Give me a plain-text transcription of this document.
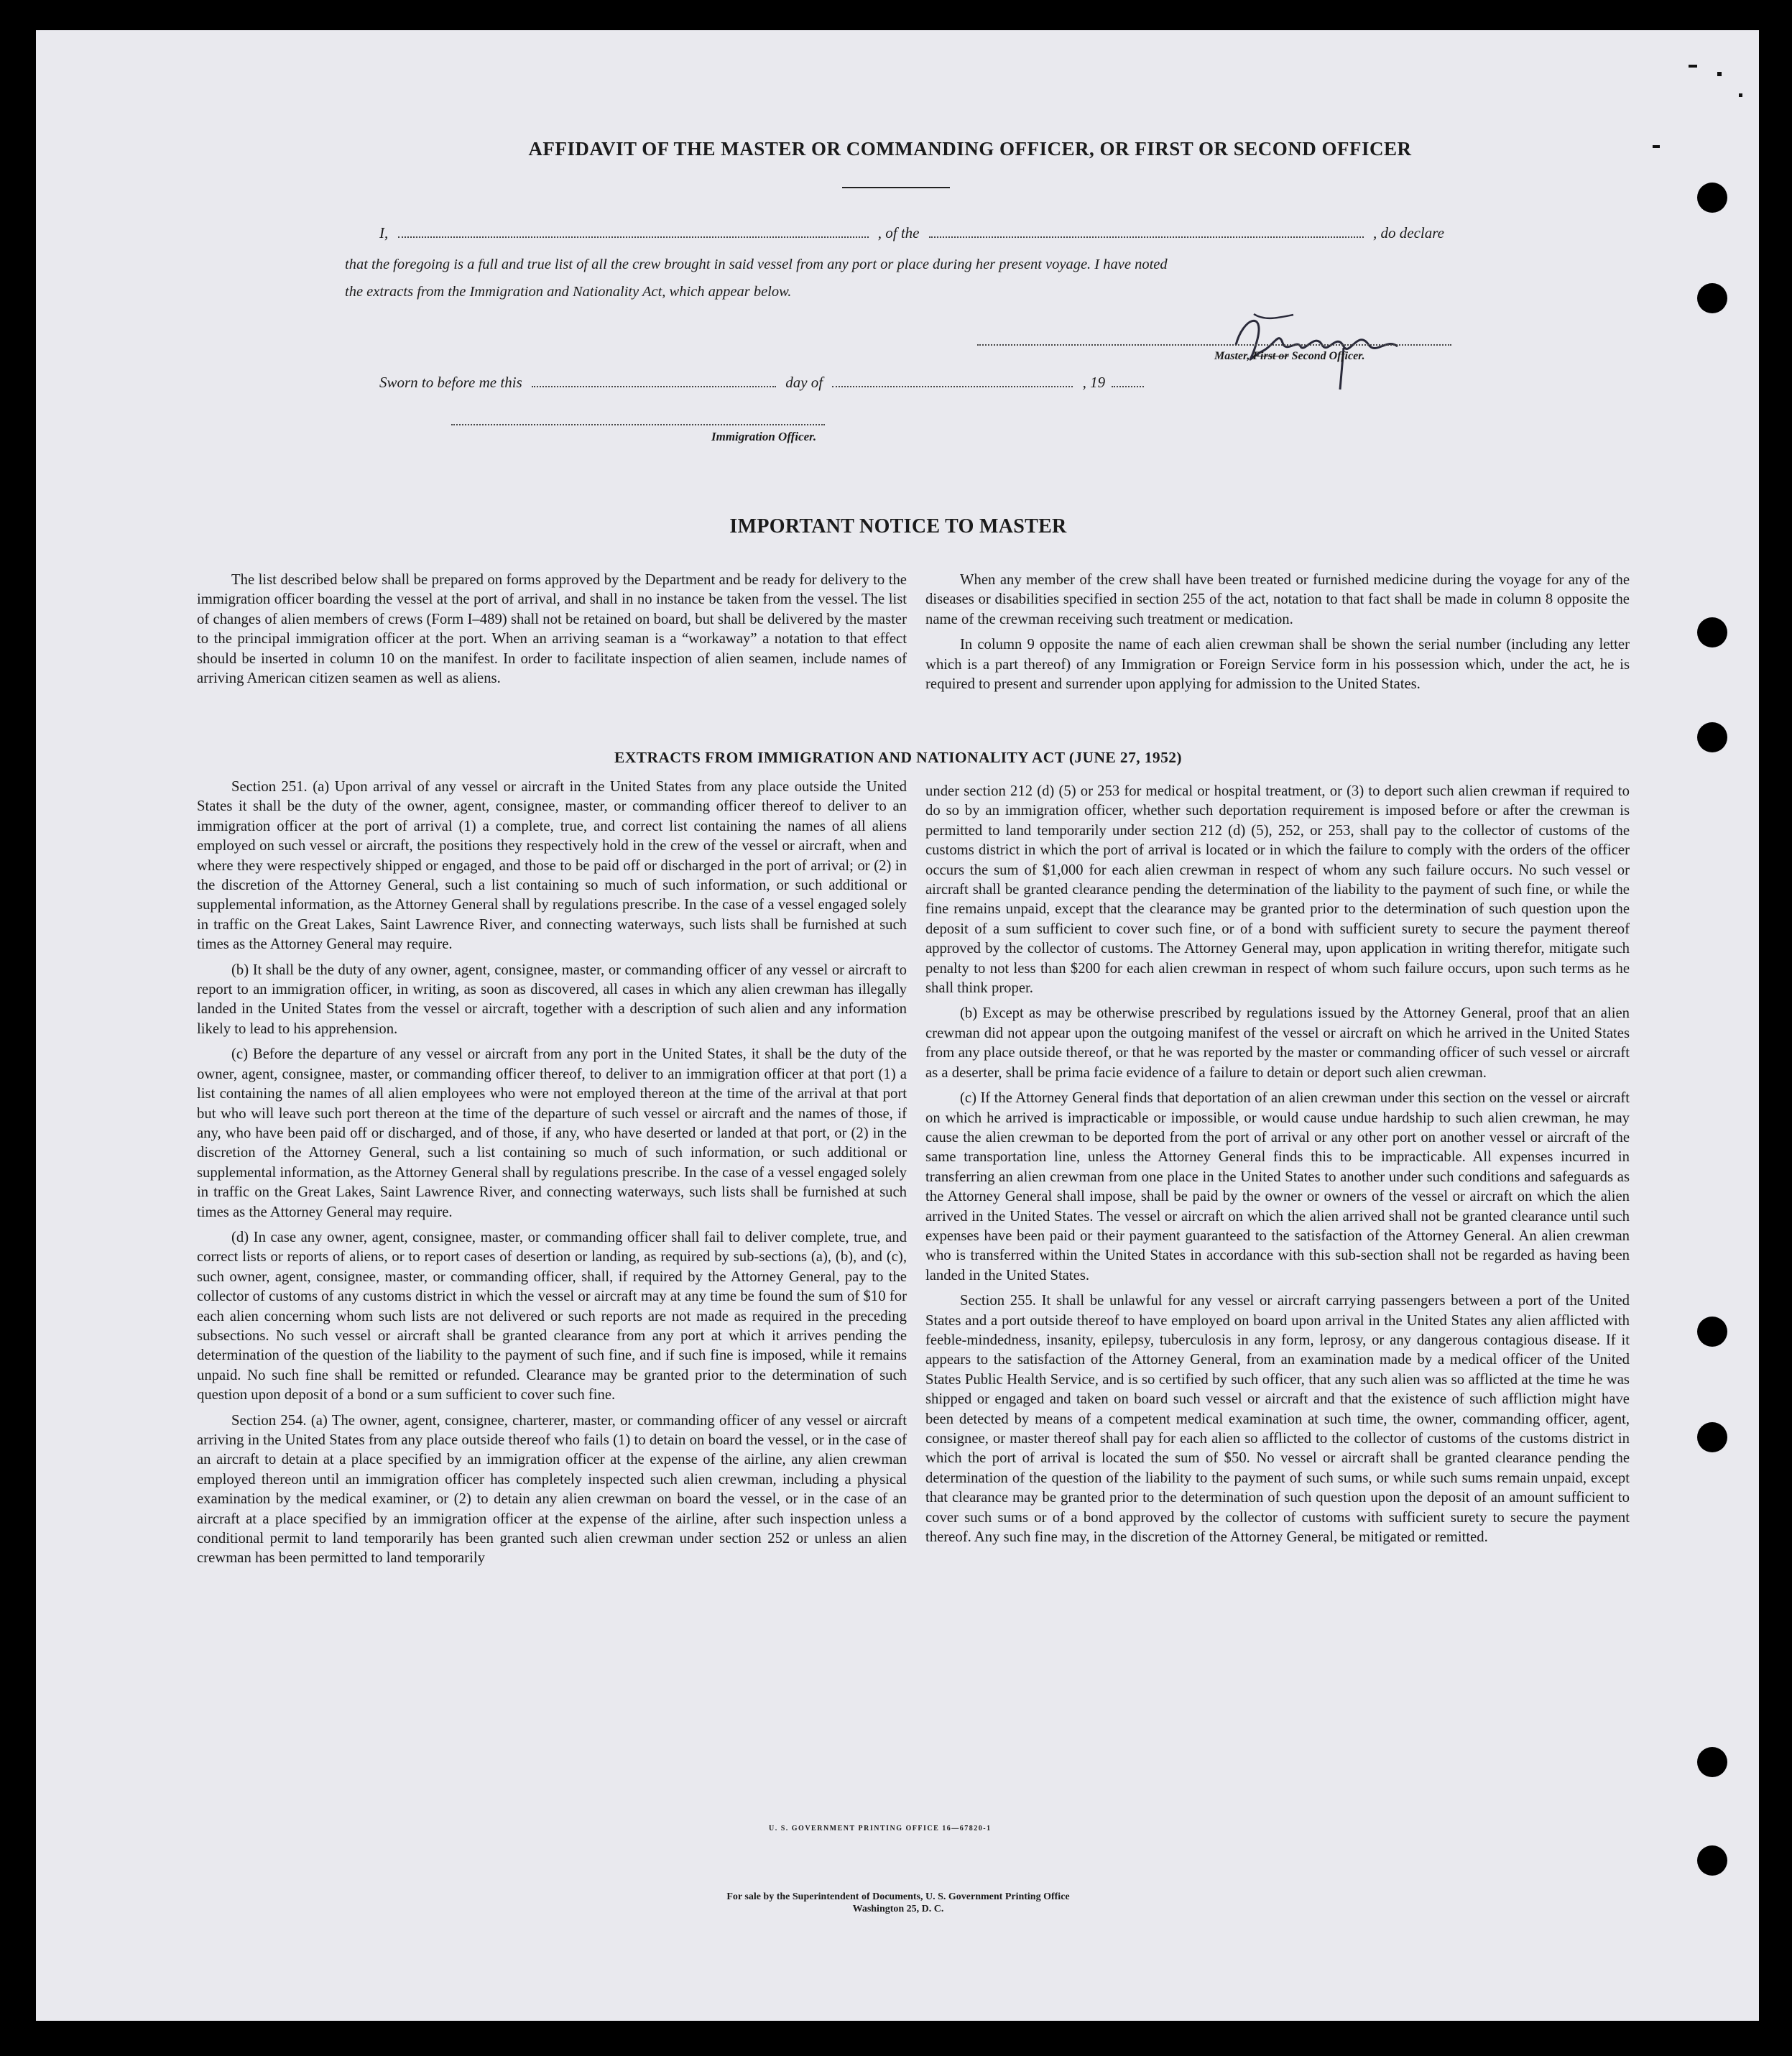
AFFIDAVIT OF THE MASTER OR COMMANDING OFFICER, OR FIRST OR SECOND OFFICER
I,	, of the	, do declare
that the foregoing is a full and true list of all the crew brought in said vessel from any port or place during her present voyage. I have noted
the extracts from the Immigration and Nationality Act, which appear below.
Master, First or Second Officer.
Sworn to before me this	day of	, 19
Immigration Officer.
IMPORTANT NOTICE TO MASTER

The list described below shall be prepared on forms approved by the Department and be ready for delivery to the immigration officer boarding the vessel at the port of arrival, and shall in no instance be taken from the vessel. The list of changes of alien members of crews (Form I–489) shall not be retained on board, but shall be delivered by the master to the principal immigration officer at the port. When an arriving seaman is a “workaway” a notation to that effect should be inserted in column 10 on the manifest. In order to facilitate inspection of alien seamen, include names of arriving American citizen seamen as well as aliens.

When any member of the crew shall have been treated or furnished medicine during the voyage for any of the diseases or disabilities specified in section 255 of the act, notation to that fact shall be made in column 8 opposite the name of the crewman receiving such treatment or medication.

In column 9 opposite the name of each alien crewman shall be shown the serial number (including any letter which is a part thereof) of any Immigration or Foreign Service form in his possession which, under the act, he is required to present and surrender upon applying for admission to the United States.

EXTRACTS FROM IMMIGRATION AND NATIONALITY ACT (JUNE 27, 1952)

Section 251. (a) Upon arrival of any vessel or aircraft in the United States from any place outside the United States it shall be the duty of the owner, agent, consignee, master, or commanding officer thereof to deliver to an immigration officer at the port of arrival (1) a complete, true, and correct list containing the names of all aliens employed on such vessel or aircraft, the positions they respectively hold in the crew of the vessel or aircraft, when and where they were respectively shipped or engaged, and those to be paid off or discharged in the port of arrival; or (2) in the discretion of the Attorney General, such a list containing so much of such information, or such additional or supplemental information, as the Attorney General shall by regulations prescribe. In the case of a vessel engaged solely in traffic on the Great Lakes, Saint Lawrence River, and connecting waterways, such lists shall be furnished at such times as the Attorney General may require.

(b) It shall be the duty of any owner, agent, consignee, master, or commanding officer of any vessel or aircraft to report to an immigration officer, in writing, as soon as discovered, all cases in which any alien crewman has illegally landed in the United States from the vessel or aircraft, together with a description of such alien and any information likely to lead to his apprehension.

(c) Before the departure of any vessel or aircraft from any port in the United States, it shall be the duty of the owner, agent, consignee, master, or commanding officer thereof, to deliver to an immigration officer at that port (1) a list containing the names of all alien employees who were not employed thereon at the time of the arrival at that port but who will leave such port thereon at the time of the departure of such vessel or aircraft and the names of those, if any, who have been paid off or discharged, and of those, if any, who have deserted or landed at that port, or (2) in the discretion of the Attorney General, such a list containing so much of such information, or such additional or supplemental information, as the Attorney General shall by regulations prescribe. In the case of a vessel engaged solely in traffic on the Great Lakes, Saint Lawrence River, and connecting waterways, such lists shall be furnished at such times as the Attorney General may require.

(d) In case any owner, agent, consignee, master, or commanding officer shall fail to deliver complete, true, and correct lists or reports of aliens, or to report cases of desertion or landing, as required by sub-sections (a), (b), and (c), such owner, agent, consignee, master, or commanding officer, shall, if required by the Attorney General, pay to the collector of customs of any customs district in which the vessel or aircraft may at any time be found the sum of $10 for each alien concerning whom such lists are not delivered or such reports are not made as required in the preceding subsections. No such vessel or aircraft shall be granted clearance from any port at which it arrives pending the determination of the question of the liability to the payment of such fine, and if such fine is imposed, while it remains unpaid. No such fine shall be remitted or refunded. Clearance may be granted prior to the determination of such question upon deposit of a bond or a sum sufficient to cover such fine.

Section 254. (a) The owner, agent, consignee, charterer, master, or commanding officer of any vessel or aircraft arriving in the United States from any place outside thereof who fails (1) to detain on board the vessel, or in the case of an aircraft to detain at a place specified by an immigration officer at the expense of the airline, any alien crewman employed thereon until an immigration officer has completely inspected such alien crewman, including a physical examination by the medical examiner, or (2) to detain any alien crewman on board the vessel, or in the case of an aircraft at a place specified by an immigration officer at the expense of the airline, after such inspection unless a conditional permit to land temporarily has been granted such alien crewman under section 252 or unless an alien crewman has been permitted to land temporarily

under section 212 (d) (5) or 253 for medical or hospital treatment, or (3) to deport such alien crewman if required to do so by an immigration officer, whether such deportation requirement is imposed before or after the crewman is permitted to land temporarily under section 212 (d) (5), 252, or 253, shall pay to the collector of customs of the customs district in which the port of arrival is located or in which the failure to comply with the orders of the officer occurs the sum of $1,000 for each alien crewman in respect of whom any such failure occurs. No such vessel or aircraft shall be granted clearance pending the determination of the liability to the payment of such fine, or while the fine remains unpaid, except that the clearance may be granted prior to the determination of such question upon the deposit of a sum sufficient to cover such fine, or of a bond with sufficient surety to secure the payment thereof approved by the collector of customs. The Attorney General may, upon application in writing therefor, mitigate such penalty to not less than $200 for each alien crewman in respect of whom such failure occurs, upon such terms as he shall think proper.

(b) Except as may be otherwise prescribed by regulations issued by the Attorney General, proof that an alien crewman did not appear upon the outgoing manifest of the vessel or aircraft on which he arrived in the United States from any place outside thereof, or that he was reported by the master or commanding officer of such vessel or aircraft as a deserter, shall be prima facie evidence of a failure to detain or deport such alien crewman.

(c) If the Attorney General finds that deportation of an alien crewman under this section on the vessel or aircraft on which he arrived is impracticable or impossible, or would cause undue hardship to such alien crewman, he may cause the alien crewman to be deported from the port of arrival or any other port on another vessel or aircraft of the same transportation line, unless the Attorney General finds this to be impracticable. All expenses incurred in transferring an alien crewman from one place in the United States to another under such conditions and safeguards as the Attorney General shall impose, shall be paid by the owner or owners of the vessel or aircraft on which the alien arrived in the United States. The vessel or aircraft on which the alien arrived shall not be granted clearance until such expenses have been paid or their payment guaranteed to the satisfaction of the Attorney General. An alien crewman who is transferred within the United States in accordance with this sub-section shall not be regarded as having been landed in the United States.

Section 255. It shall be unlawful for any vessel or aircraft carrying passengers between a port of the United States and a port outside thereof to have employed on board upon arrival in the United States any alien afflicted with feeble-mindedness, insanity, epilepsy, tuberculosis in any form, leprosy, or any dangerous contagious disease. If it appears to the satisfaction of the Attorney General, from an examination made by a medical officer of the United States Public Health Service, and is so certified by such officer, that any such alien was so afflicted at the time he was shipped or engaged and taken on board such vessel or aircraft and that the existence of such affliction might have been detected by means of a competent medical examination at such time, the owner, commanding officer, agent, consignee, or master thereof shall pay for each alien so afflicted to the collector of customs of the customs district in which the port of arrival is located the sum of $50. No vessel or aircraft shall be granted clearance pending the determination of the question of the liability to the payment of such sums, or while such sums remain unpaid, except that clearance may be granted prior to the determination of such question upon the deposit of an amount sufficient to cover such sums or of a bond approved by the collector of customs with sufficient surety to secure the payment thereof. Any such fine may, in the discretion of the Attorney General, be mitigated or remitted.

U. S. GOVERNMENT PRINTING OFFICE 16—67820-1
For sale by the Superintendent of Documents, U. S. Government Printing Office
Washington 25, D. C.
